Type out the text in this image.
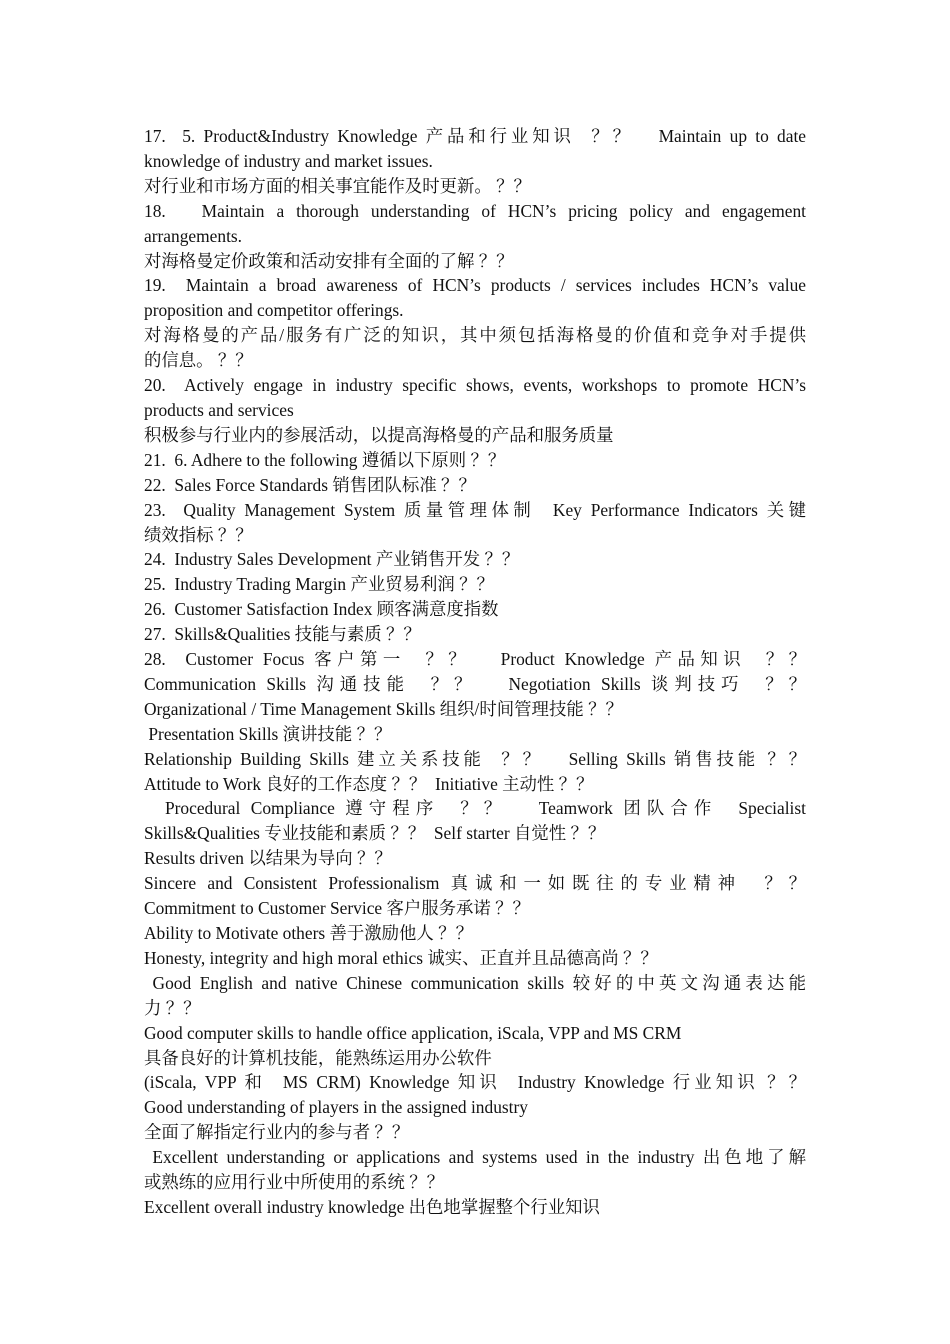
17.  5. Product&Industry Knowledge 产品和行业知识  ？？   Maintain up to date
knowledge of industry and market issues.
对行业和市场方面的相关事宜能作及时更新。 ？？
18.   Maintain a thorough understanding of HCN’s pricing policy and engagement
arrangements.
对海格曼定价政策和活动安排有全面的了解 ？？
19.  Maintain a broad awareness of HCN’s products / services includes HCN’s value
proposition and competitor offerings.
对海格曼的产品/服务有广泛的知识，其中须包括海格曼的价值和竞争对手提供
的信息。 ？？
20.  Actively engage in industry specific shows, events, workshops to promote HCN’s
products and services
积极参与行业内的参展活动，以提高海格曼的产品和服务质量
21.  6. Adhere to the following 遵循以下原则 ？？
22.  Sales Force Standards 销售团队标准 ？？
23.  Quality Management System 质量管理体制  Key Performance Indicators 关键
绩效指标 ？？
24.  Industry Sales Development 产业销售开发 ？？
25.  Industry Trading Margin 产业贸易利润 ？？
26.  Customer Satisfaction Index 顾客满意度指数
27.  Skills&Qualities 技能与素质 ？？
28.  Customer Focus 客户第一  ？？   Product Knowledge 产品知识  ？？
Communication Skills 沟通技能  ？？   Negotiation Skills 谈判技巧  ？？
Organizational / Time Management Skills 组织/时间管理技能 ？？
Presentation Skills 演讲技能 ？？
Relationship Building Skills 建立关系技能  ？？   Selling Skills 销售技能 ？？
Attitude to Work 良好的工作态度 ？？  Initiative 主动性 ？？
Procedural Compliance 遵守程序  ？？   Teamwork 团队合作  Specialist
Skills&Qualities 专业技能和素质 ？？  Self starter 自觉性 ？？
Results driven 以结果为导向 ？？
Sincere and Consistent Professionalism 真诚和一如既往的专业精神  ？？
Commitment to Customer Service 客户服务承诺 ？？
Ability to Motivate others 善于激励他人 ？？
Honesty, integrity and high moral ethics 诚实、正直并且品德高尚 ？？
Good English and native Chinese communication skills 较好的中英文沟通表达能
力 ？？
Good computer skills to handle office application, iScala, VPP and MS CRM
具备良好的计算机技能，能熟练运用办公软件
(iScala, VPP 和  MS CRM) Knowledge 知识  Industry Knowledge 行业知识 ？？
Good understanding of players in the assigned industry
全面了解指定行业内的参与者 ？？
Excellent understanding or applications and systems used in the industry 出色地了解
或熟练的应用行业中所使用的系统 ？？
Excellent overall industry knowledge 出色地掌握整个行业知识
